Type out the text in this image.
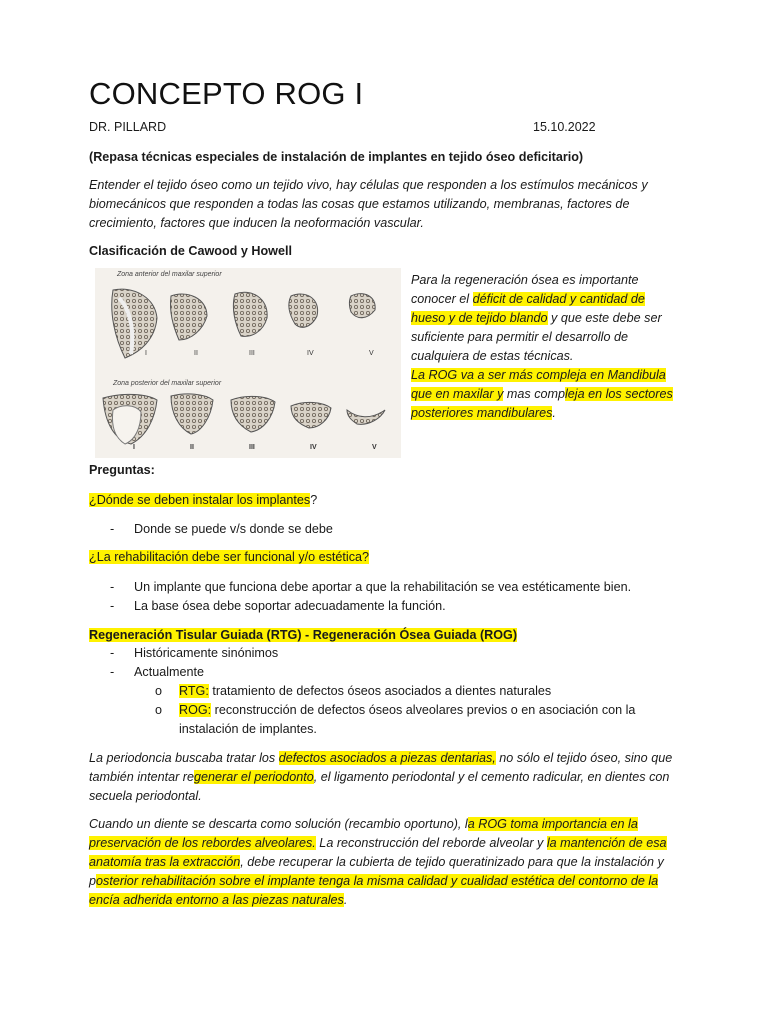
CONCEPTO ROG I
DR. PILLARD	15.10.2022

(Repasa técnicas especiales de instalación de implantes en tejido óseo deficitario)

Entender el tejido óseo como un tejido vivo, hay células que responden a los estímulos mecánicos y biomecánicos que responden a todas las cosas que estamos utilizando, membranas, factores de crecimiento, factores que inducen la neoformación vascular.

Clasificación de Cawood y Howell

Zona anterior del maxilar superior
Zona posterior del maxilar superior
I	II	III	IV	V
I	II	III	IV	V
Para la regeneración ósea es importante conocer el déficit de calidad y cantidad de hueso y de tejido blando y que este debe ser suficiente para permitir el desarrollo de cualquiera de estas técnicas.
La ROG va a ser más compleja en Mandibula que en maxilar y mas compleja en los sectores posteriores mandibulares.

Preguntas:

¿Dónde se deben instalar los implantes?

- Donde se puede v/s donde se debe

¿La rehabilitación debe ser funcional y/o estética?

- Un implante que funciona debe aportar a que la rehabilitación se vea estéticamente bien.
- La base ósea debe soportar adecuadamente la función.

Regeneración Tisular Guiada (RTG) - Regeneración Ósea Guiada (ROG)

- Históricamente sinónimos
- Actualmente
o RTG: tratamiento de defectos óseos asociados a dientes naturales
o	ROG: reconstrucción de defectos óseos alveolares previos o en asociación con la instalación de implantes.

La periodoncia buscaba tratar los defectos asociados a piezas dentarias, no sólo el tejido óseo, sino que también intentar regenerar el periodonto, el ligamento periodontal y el cemento radicular, en dientes con secuela periodontal.

Cuando un diente se descarta como solución (recambio oportuno), la ROG toma importancia en la preservación de los rebordes alveolares. La reconstrucción del reborde alveolar y la mantención de esa anatomía tras la extracción, debe recuperar la cubierta de tejido queratinizado para que la instalación y posterior rehabilitación sobre el implante tenga la misma calidad y cualidad estética del contorno de la encía adherida entorno a las piezas naturales.
